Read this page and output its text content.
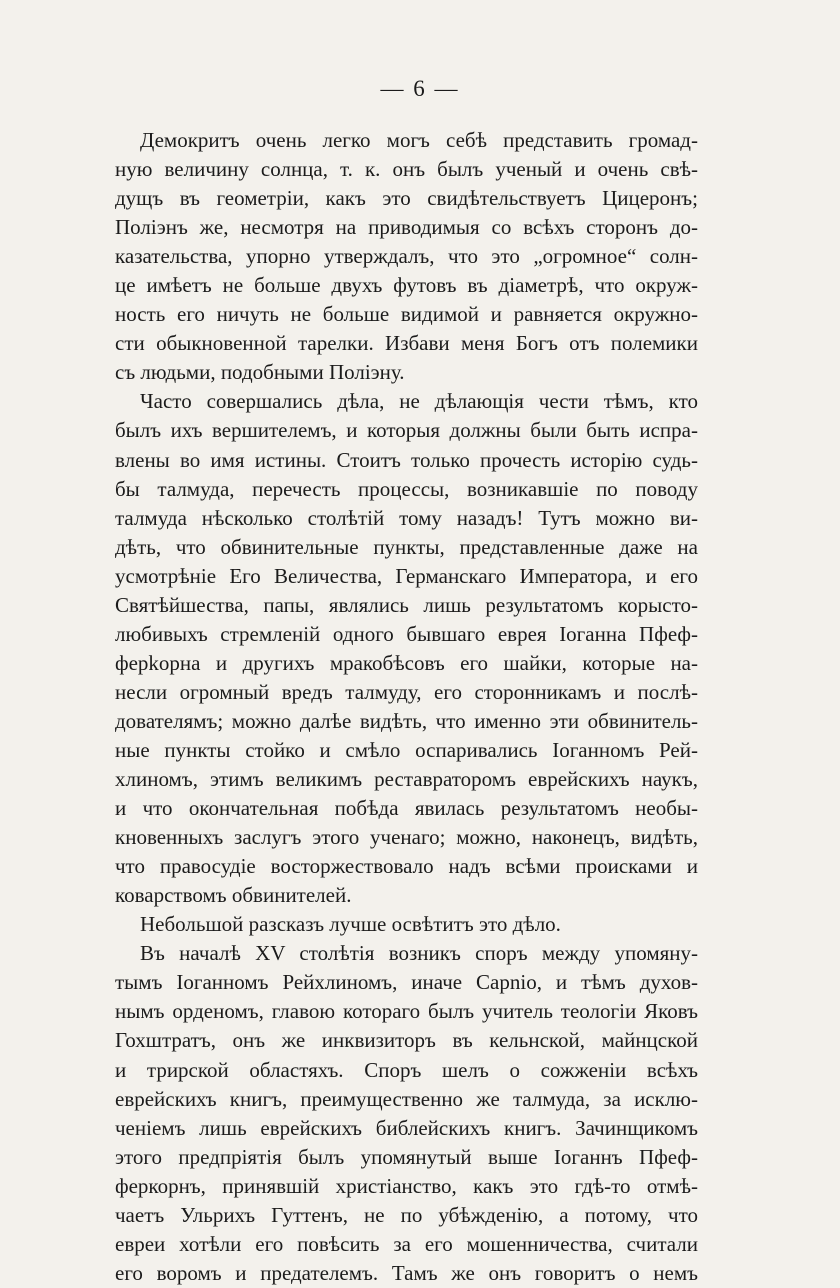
— 6 —
Демокритъ очень легко могъ себѣ представить громад-
ную величину солнца, т. к. онъ былъ ученый и очень свѣ-
дущъ въ геометріи, какъ это свидѣтельствуетъ Цицеронъ;
Поліэнъ же, несмотря на приводимыя со всѣхъ сторонъ до-
казательства, упорно утверждалъ, что это „огромное“ солн-
це имѣетъ не больше двухъ футовъ въ діаметрѣ, что окруж-
ность его ничуть не больше видимой и равняется окружно-
сти обыкновенной тарелки. Избави меня Богъ отъ полемики
съ людьми, подобными Поліэну.
Часто совершались дѣла, не дѣлающія чести тѣмъ, кто
былъ ихъ вершителемъ, и которыя должны были быть испра-
влены во имя истины. Стоитъ только прочесть исторію судь-
бы талмуда, перечесть процессы, возникавшіе по поводу
талмуда нѣсколько столѣтій тому назадъ! Тутъ можно ви-
дѣть, что обвинительные пункты, представленные даже на
усмотрѣніе Его Величества, Германскаго Императора, и его
Святѣйшества, папы, являлись лишь результатомъ корысто-
любивыхъ стремленій одного бывшаго еврея Іоганна Пфеф-
ферkорна и другихъ мракобѣсовъ его шайки, которые на-
несли огромный вредъ талмуду, его сторонникамъ и послѣ-
дователямъ; можно далѣе видѣть, что именно эти обвинитель-
ные пункты стойко и смѣло оспаривались Іоганномъ Рей-
хлиномъ, этимъ великимъ реставраторомъ еврейскихъ наукъ,
и что окончательная побѣда явилась результатомъ необы-
кновенныхъ заслугъ этого ученаго; можно, наконецъ, видѣть,
что правосудіе восторжествовало надъ всѣми происками и
коварствомъ обвинителей.
Небольшой разсказъ лучше освѣтитъ это дѣло.
Въ началѣ XV столѣтія возникъ споръ между упомяну-
тымъ Іоганномъ Рейхлиномъ, иначе Capnio, и тѣмъ духов-
нымъ орденомъ, главою котораго былъ учитель теологіи Яковъ
Гохштратъ, онъ же инквизиторъ въ кельнской, майнцской
и трирской областяхъ. Споръ шелъ о сожженіи всѣхъ
еврейскихъ книгъ, преимущественно же талмуда, за исклю-
ченіемъ лишь еврейскихъ библейскихъ книгъ. Зачинщикомъ
этого предпріятія былъ упомянутый выше Іоганнъ Пфеф-
феркорнъ, принявшій христіанство, какъ это гдѣ-то отмѣ-
чаетъ Ульрихъ Гуттенъ, не по убѣжденію, а потому, что
евреи хотѣли его повѣсить за его мошенничества, считали
его воромъ и предателемъ. Тамъ же онъ говоритъ о немъ
